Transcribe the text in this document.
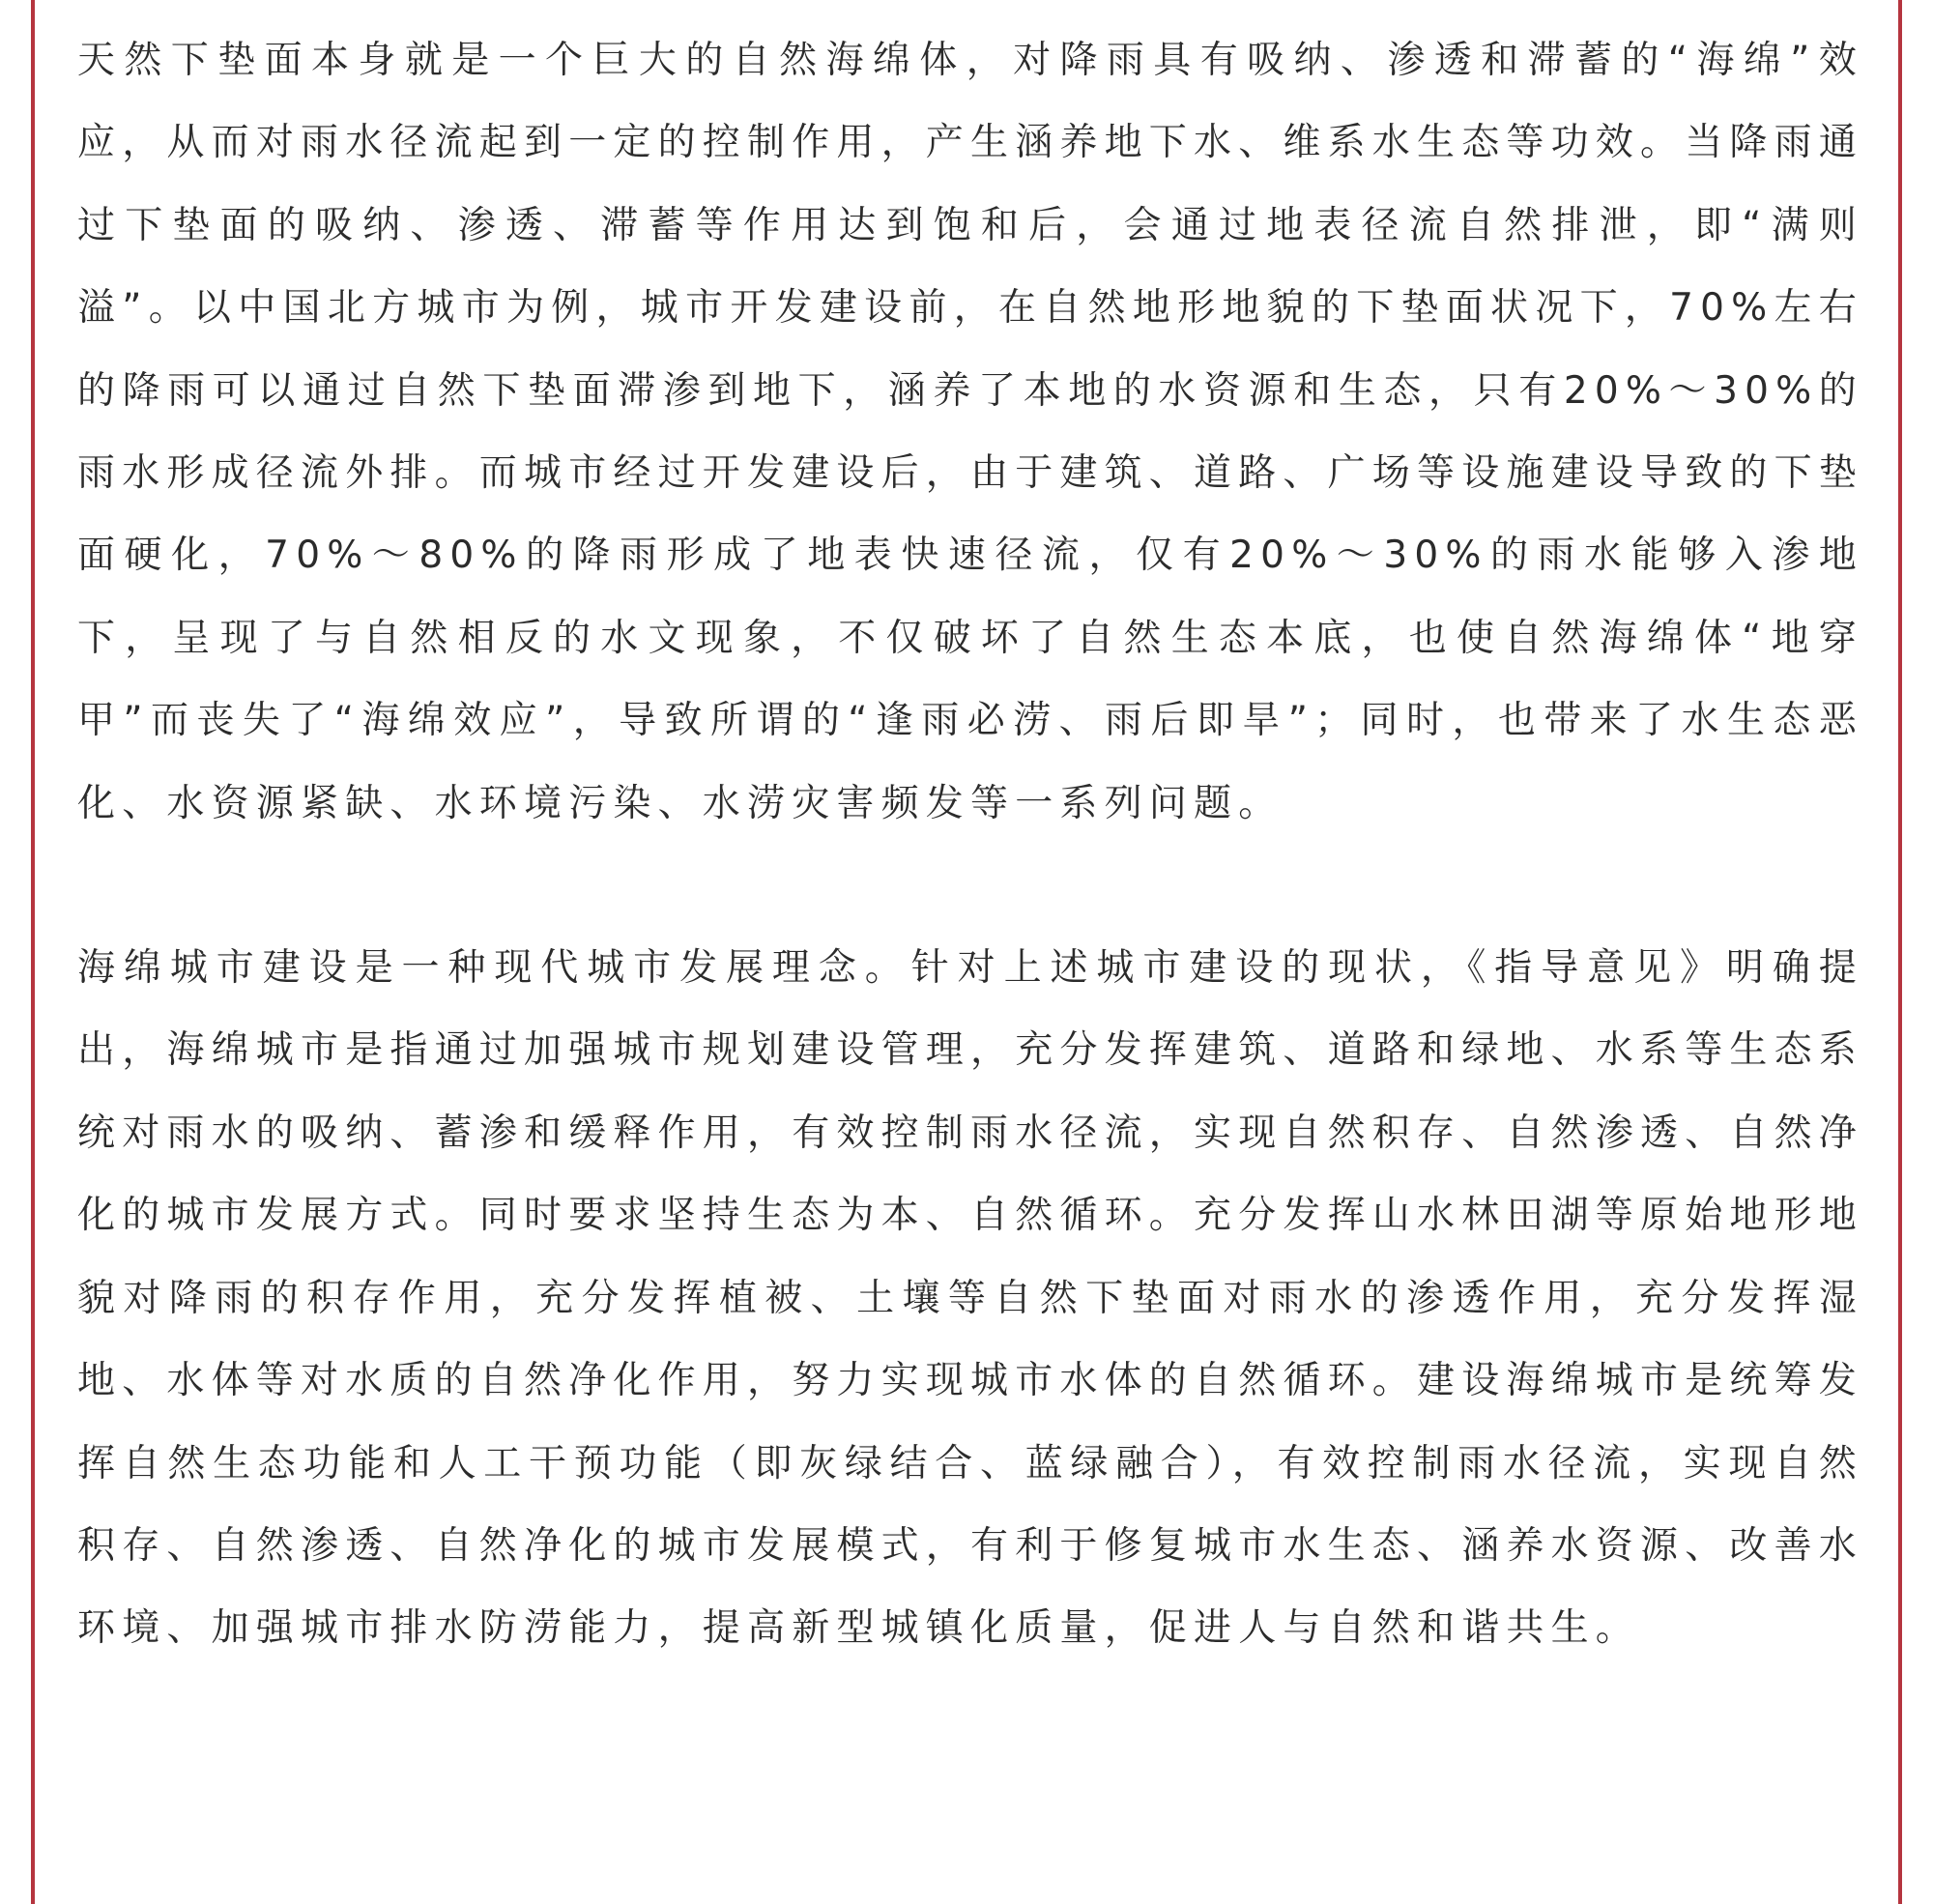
天然下垫面本身就是一个巨大的自然海绵体，对降雨具有吸纳、渗透和滞蓄的“海绵”效应，从而对雨水径流起到一定的控制作用，产生涵养地下水、维系水生态等功效。当降雨通过下垫面的吸纳、渗透、滞蓄等作用达到饱和后，会通过地表径流自然排泄，即“满则溢”。以中国北方城市为例，城市开发建设前，在自然地形地貌的下垫面状况下，70%左右的降雨可以通过自然下垫面滞渗到地下，涵养了本地的水资源和生态，只有20%～30%的雨水形成径流外排。而城市经过开发建设后，由于建筑、道路、广场等设施建设导致的下垫面硬化，70%～80%的降雨形成了地表快速径流，仅有20%～30%的雨水能够入渗地下，呈现了与自然相反的水文现象，不仅破坏了自然生态本底，也使自然海绵体“地穿甲”而丧失了“海绵效应”，导致所谓的“逢雨必涝、雨后即旱”；同时，也带来了水生态恶化、水资源紧缺、水环境污染、水涝灾害频发等一系列问题。

海绵城市建设是一种现代城市发展理念。针对上述城市建设的现状，《指导意见》明确提出，海绵城市是指通过加强城市规划建设管理，充分发挥建筑、道路和绿地、水系等生态系统对雨水的吸纳、蓄渗和缓释作用，有效控制雨水径流，实现自然积存、自然渗透、自然净化的城市发展方式。同时要求坚持生态为本、自然循环。充分发挥山水林田湖等原始地形地貌对降雨的积存作用，充分发挥植被、土壤等自然下垫面对雨水的渗透作用，充分发挥湿地、水体等对水质的自然净化作用，努力实现城市水体的自然循环。建设海绵城市是统筹发挥自然生态功能和人工干预功能（即灰绿结合、蓝绿融合），有效控制雨水径流，实现自然积存、自然渗透、自然净化的城市发展模式，有利于修复城市水生态、涵养水资源、改善水环境、加强城市排水防涝能力，提高新型城镇化质量，促进人与自然和谐共生。
